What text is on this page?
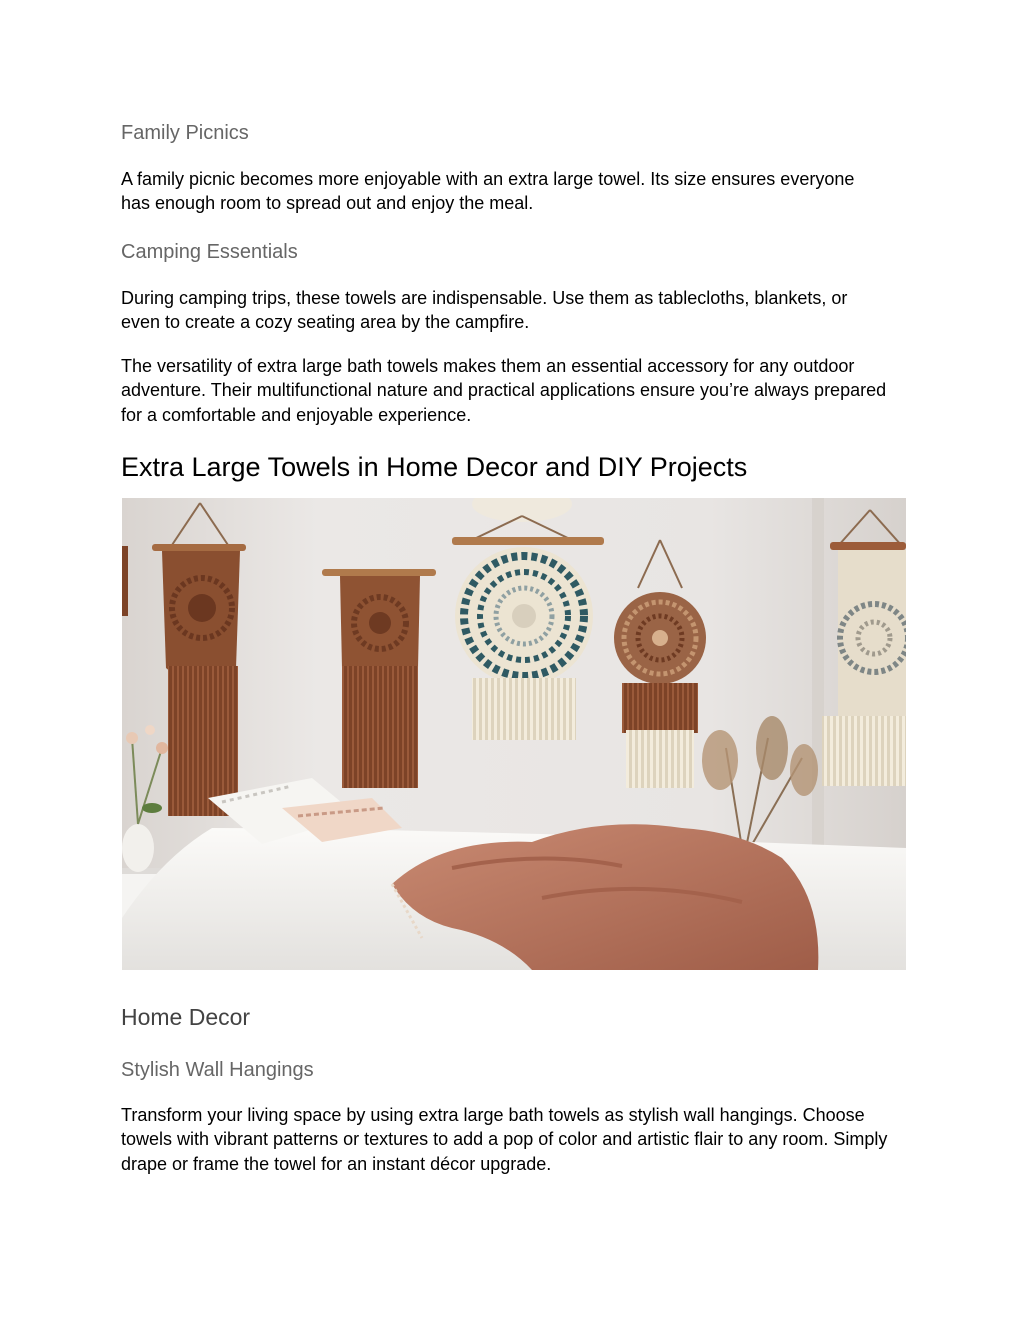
Family Picnics
A family picnic becomes more enjoyable with an extra large towel. Its size ensures everyone
has enough room to spread out and enjoy the meal.
Camping Essentials
During camping trips, these towels are indispensable. Use them as tablecloths, blankets, or
even to create a cozy seating area by the campfire.
The versatility of extra large bath towels makes them an essential accessory for any outdoor
adventure. Their multifunctional nature and practical applications ensure you’re always prepared
for a comfortable and enjoyable experience.
Extra Large Towels in Home Decor and DIY Projects
Home Decor
Stylish Wall Hangings
Transform your living space by using extra large bath towels as stylish wall hangings. Choose
towels with vibrant patterns or textures to add a pop of color and artistic flair to any room. Simply
drape or frame the towel for an instant décor upgrade.
